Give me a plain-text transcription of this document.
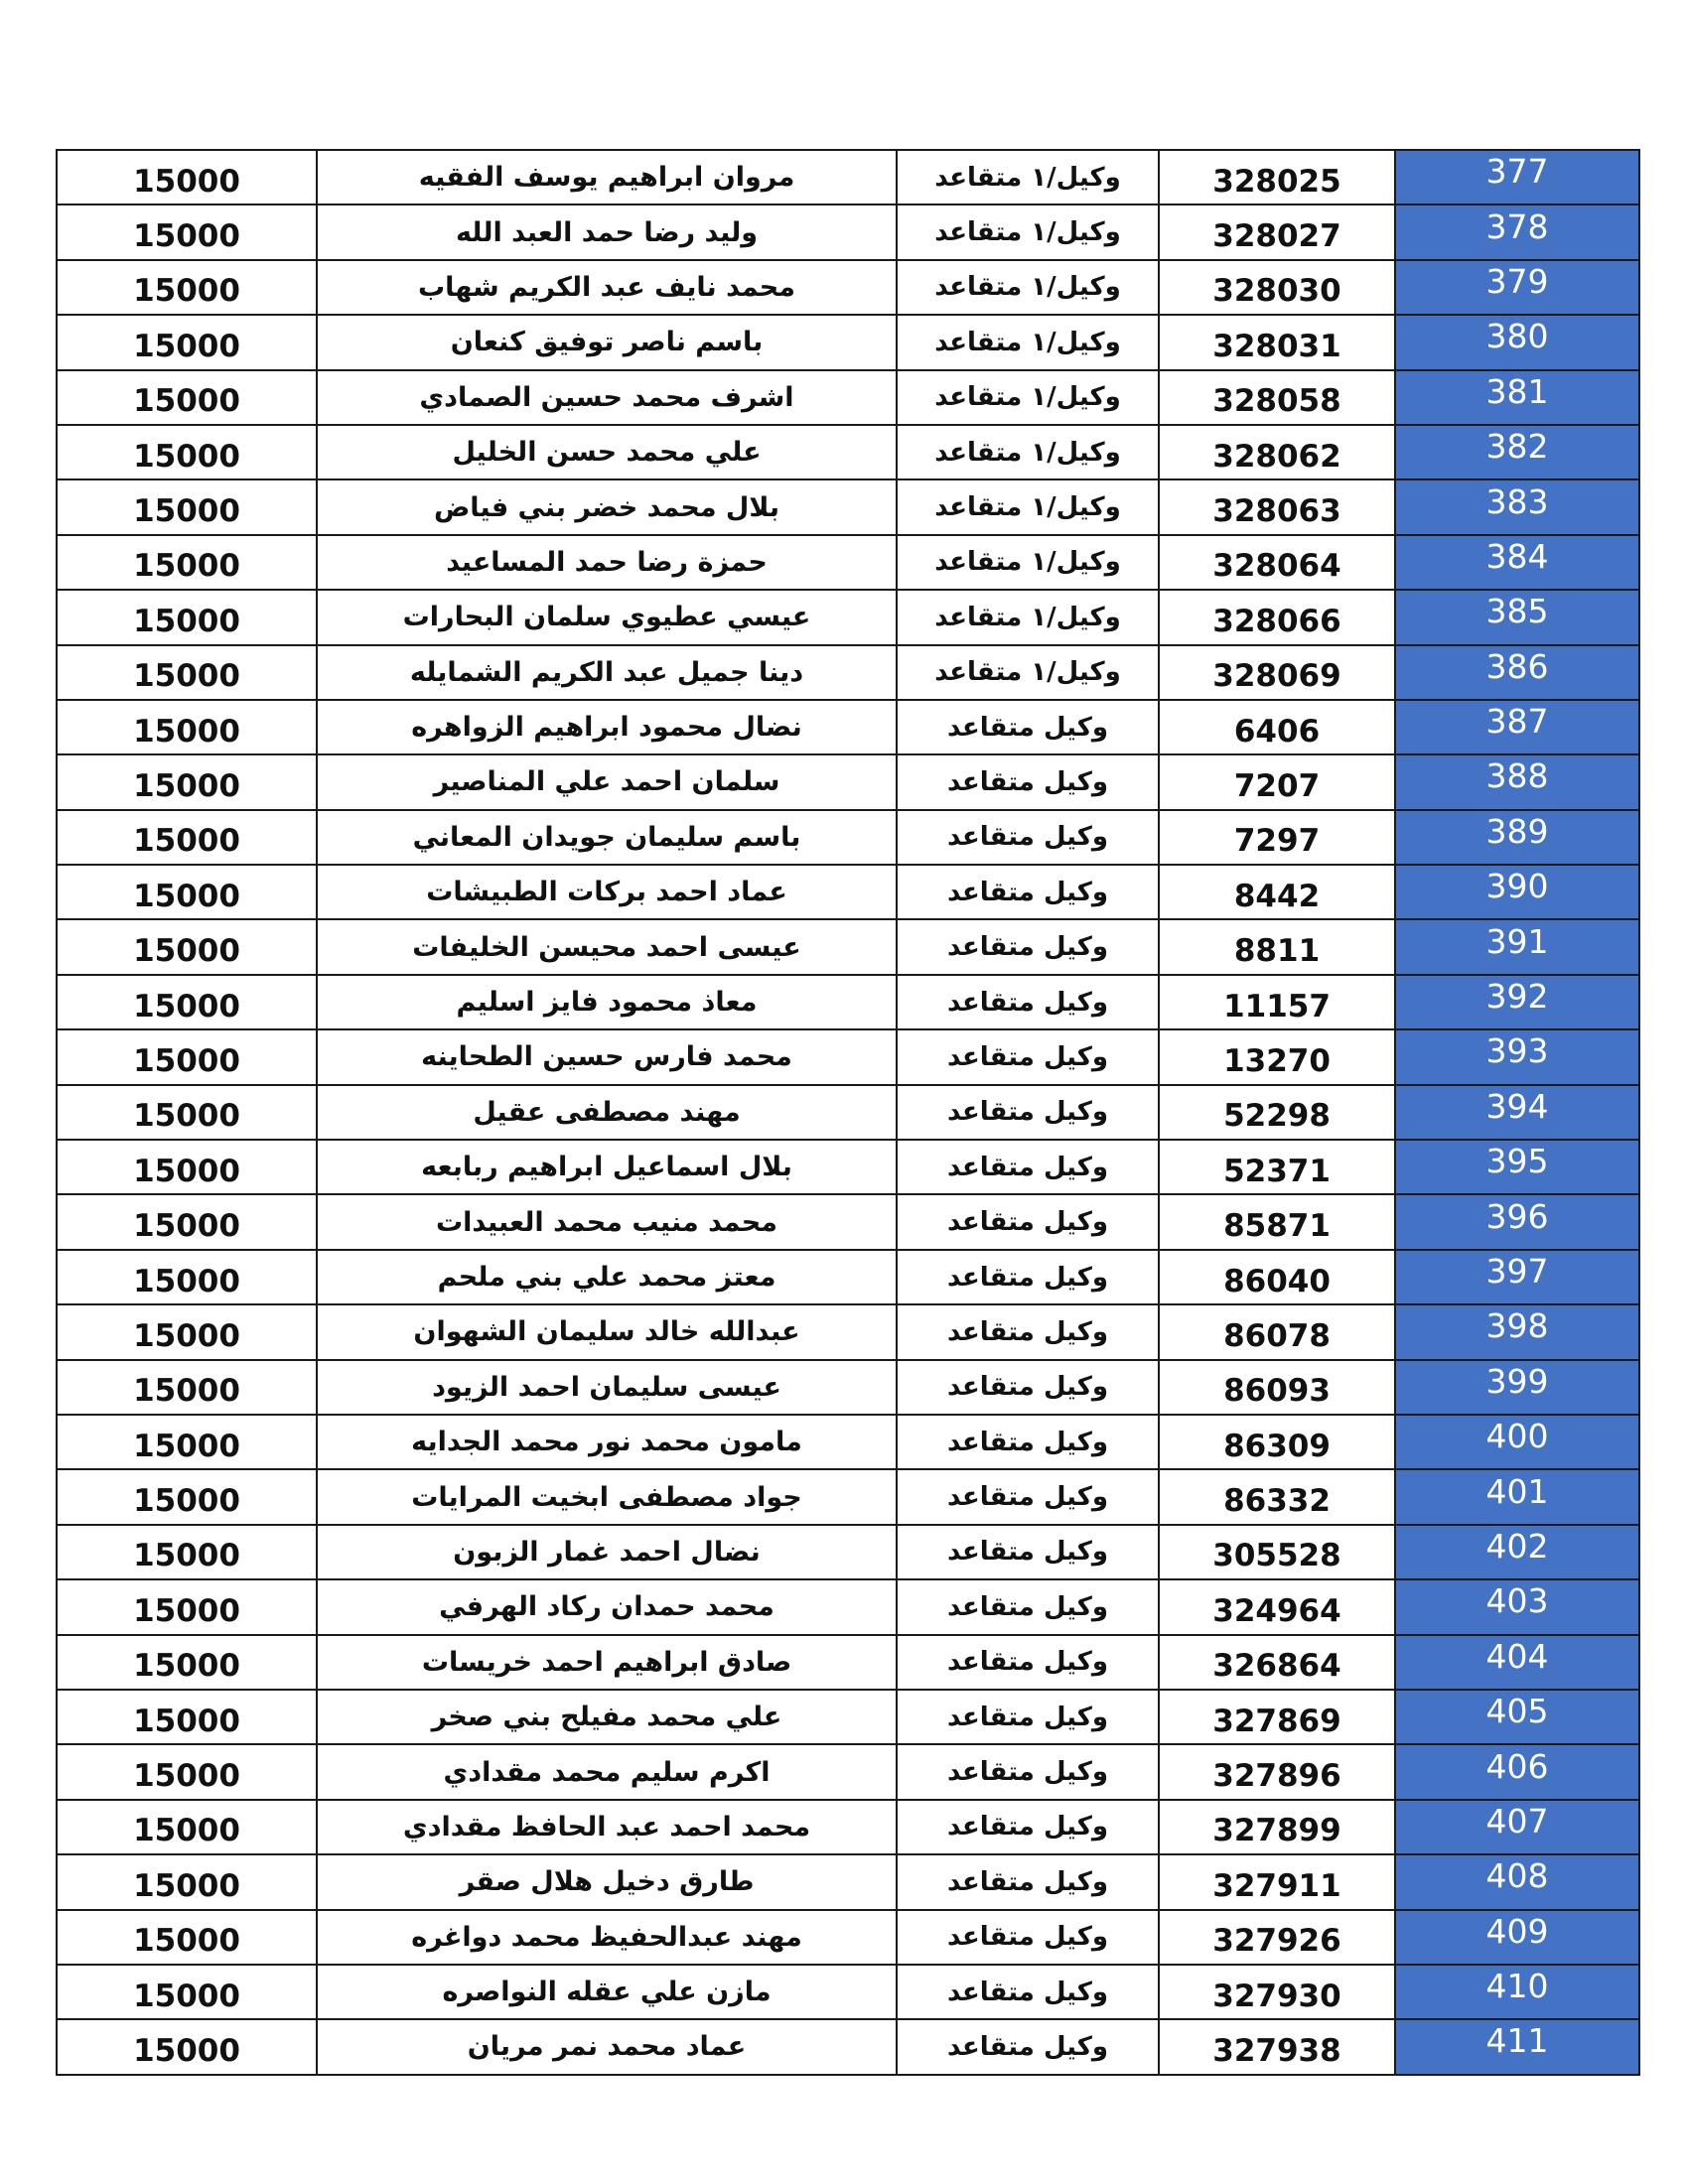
15000	مروان ابراهيم يوسف الفقيه	وكيل/١ متقاعد	328025	377
15000	وليد رضا حمد العبد الله	وكيل/١ متقاعد	328027	378
15000	محمد نايف عبد الكريم شهاب	وكيل/١ متقاعد	328030	379
15000	باسم ناصر توفيق كنعان	وكيل/١ متقاعد	328031	380
15000	اشرف محمد حسين الصمادي	وكيل/١ متقاعد	328058	381
15000	علي محمد حسن الخليل	وكيل/١ متقاعد	328062	382
15000	بلال محمد خضر بني فياض	وكيل/١ متقاعد	328063	383
15000	حمزة رضا حمد المساعيد	وكيل/١ متقاعد	328064	384
15000	عيسي عطيوي سلمان البحارات	وكيل/١ متقاعد	328066	385
15000	دينا جميل عبد الكريم الشمايله	وكيل/١ متقاعد	328069	386
15000	نضال محمود ابراهيم الزواهره	وكيل متقاعد	6406	387
15000	سلمان احمد علي المناصير	وكيل متقاعد	7207	388
15000	باسم سليمان جويدان المعاني	وكيل متقاعد	7297	389
15000	عماد احمد بركات الطبيشات	وكيل متقاعد	8442	390
15000	عيسى احمد محيسن الخليفات	وكيل متقاعد	8811	391
15000	معاذ محمود فايز اسليم	وكيل متقاعد	11157	392
15000	محمد فارس حسين الطحاينه	وكيل متقاعد	13270	393
15000	مهند مصطفى عقيل	وكيل متقاعد	52298	394
15000	بلال اسماعيل ابراهيم ربابعه	وكيل متقاعد	52371	395
15000	محمد منيب محمد العبيدات	وكيل متقاعد	85871	396
15000	معتز محمد علي بني ملحم	وكيل متقاعد	86040	397
15000	عبدالله خالد سليمان الشهوان	وكيل متقاعد	86078	398
15000	عيسى سليمان احمد الزيود	وكيل متقاعد	86093	399
15000	مامون محمد نور محمد الجدايه	وكيل متقاعد	86309	400
15000	جواد مصطفى ابخيت المرايات	وكيل متقاعد	86332	401
15000	نضال احمد غمار الزبون	وكيل متقاعد	305528	402
15000	محمد حمدان ركاد الهرفي	وكيل متقاعد	324964	403
15000	صادق ابراهيم احمد خريسات	وكيل متقاعد	326864	404
15000	علي محمد مفيلح بني صخر	وكيل متقاعد	327869	405
15000	اكرم سليم محمد مقدادي	وكيل متقاعد	327896	406
15000	محمد احمد عبد الحافظ مقدادي	وكيل متقاعد	327899	407
15000	طارق دخيل هلال صقر	وكيل متقاعد	327911	408
15000	مهند عبدالحفيظ محمد دواغره	وكيل متقاعد	327926	409
15000	مازن علي عقله النواصره	وكيل متقاعد	327930	410
15000	عماد محمد نمر مريان	وكيل متقاعد	327938	411
